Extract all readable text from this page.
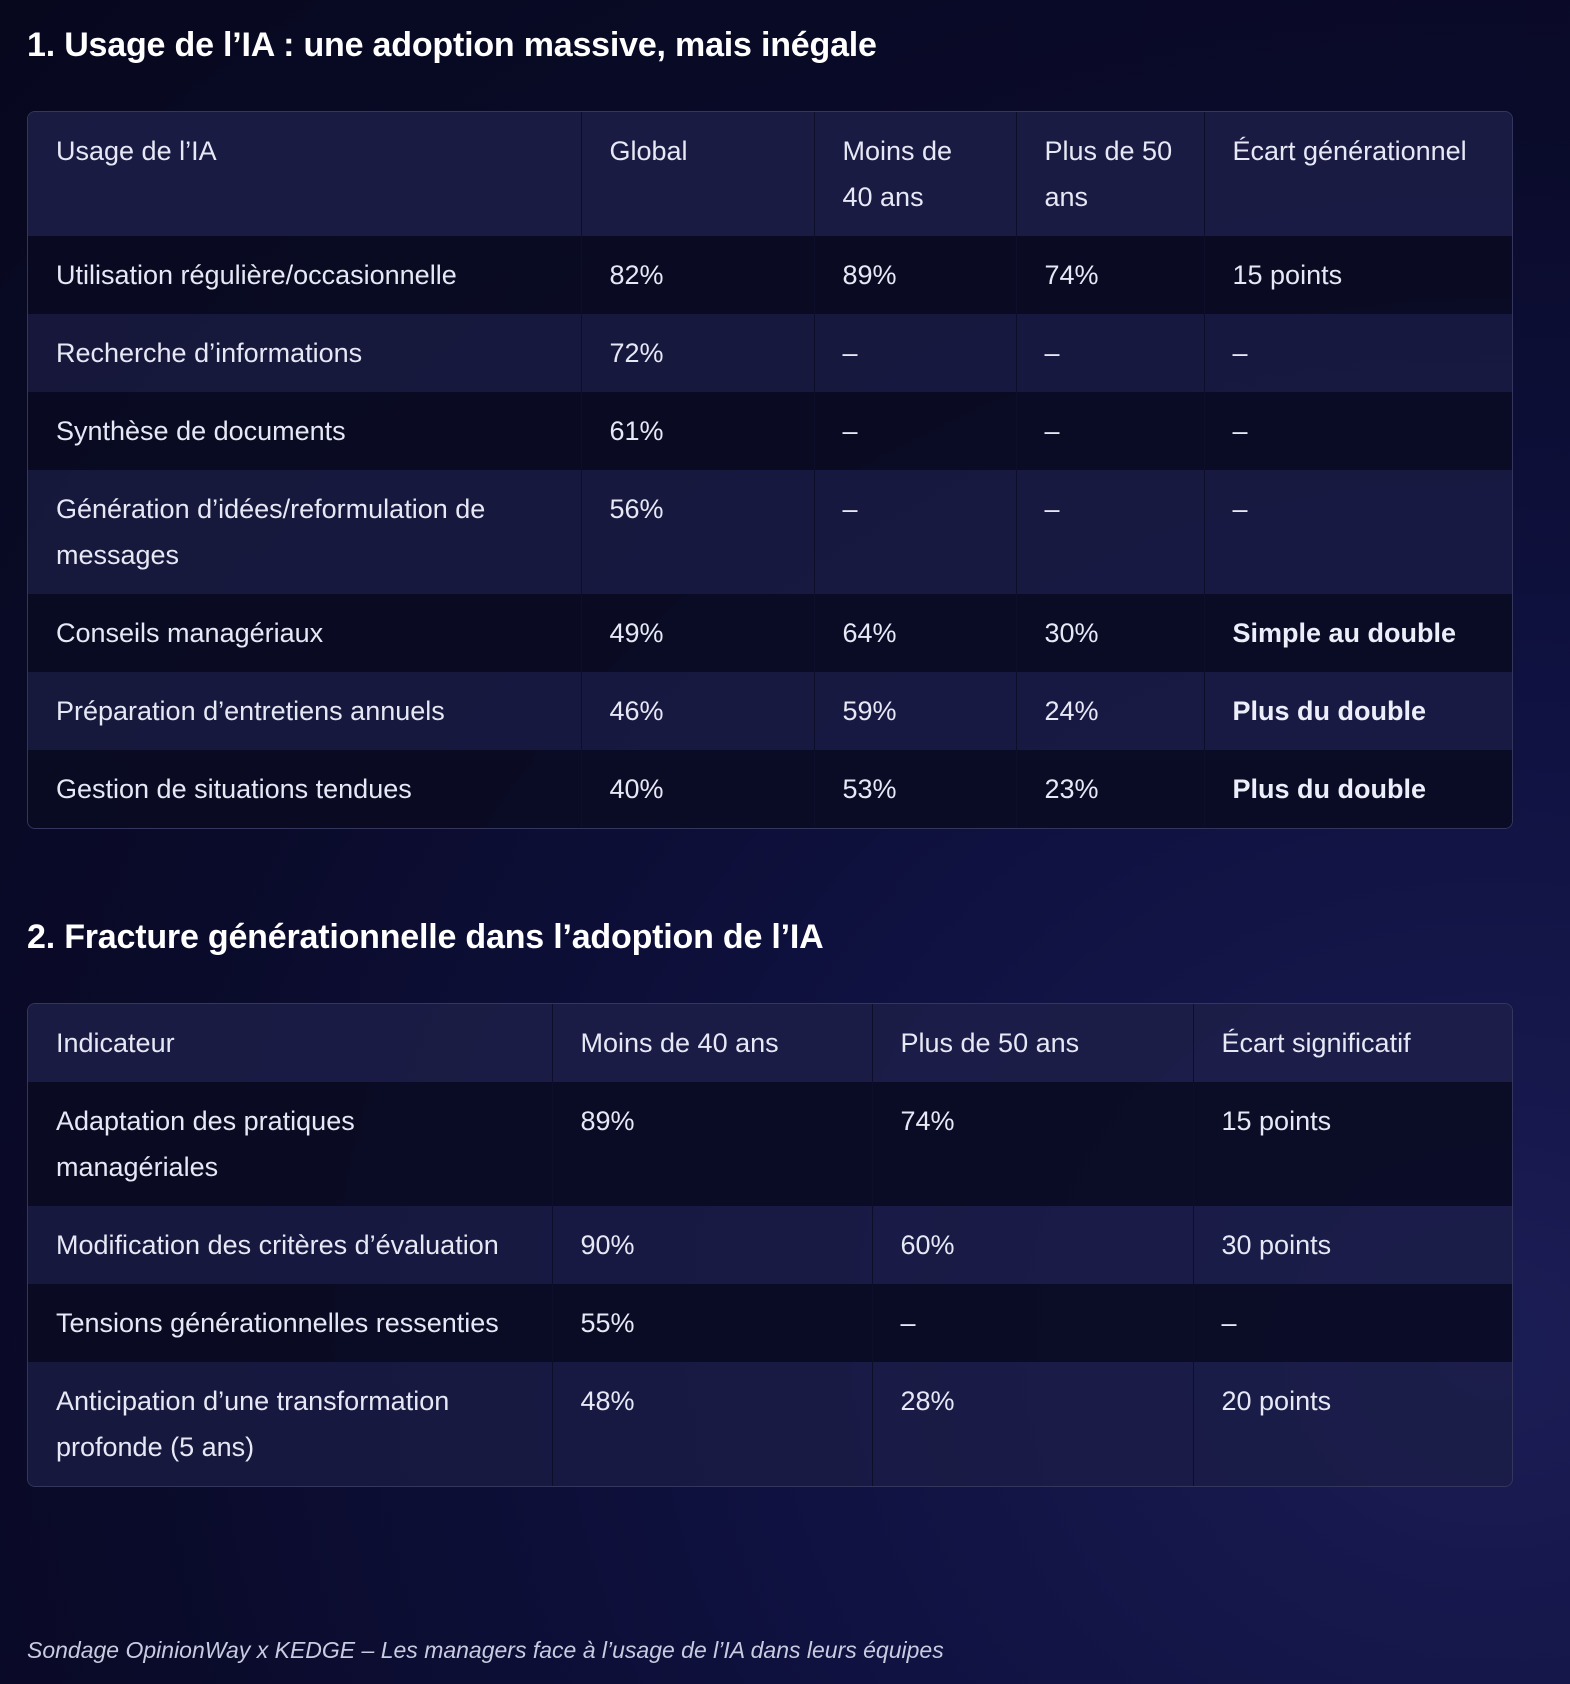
1. Usage de l’IA : une adoption massive, mais inégale
Usage de l’IA	Global	Moins de 40 ans	Plus de 50 ans	Écart générationnel
Utilisation régulière/occasionnelle	82%	89%	74%	15 points
Recherche d’informations	72%	–	–	–
Synthèse de documents	61%	–	–	–
Génération d’idées/reformulation de messages	56%	–	–	–
Conseils managériaux	49%	64%	30%	Simple au double
Préparation d’entretiens annuels	46%	59%	24%	Plus du double
Gestion de situations tendues	40%	53%	23%	Plus du double
2. Fracture générationnelle dans l’adoption de l’IA
Indicateur	Moins de 40 ans	Plus de 50 ans	Écart significatif
Adaptation des pratiques managériales	89%	74%	15 points
Modification des critères d’évaluation	90%	60%	30 points
Tensions générationnelles ressenties	55%	–	–
Anticipation d’une transformation profonde (5 ans)	48%	28%	20 points
Sondage OpinionWay x KEDGE – Les managers face à l’usage de l’IA dans leurs équipes
